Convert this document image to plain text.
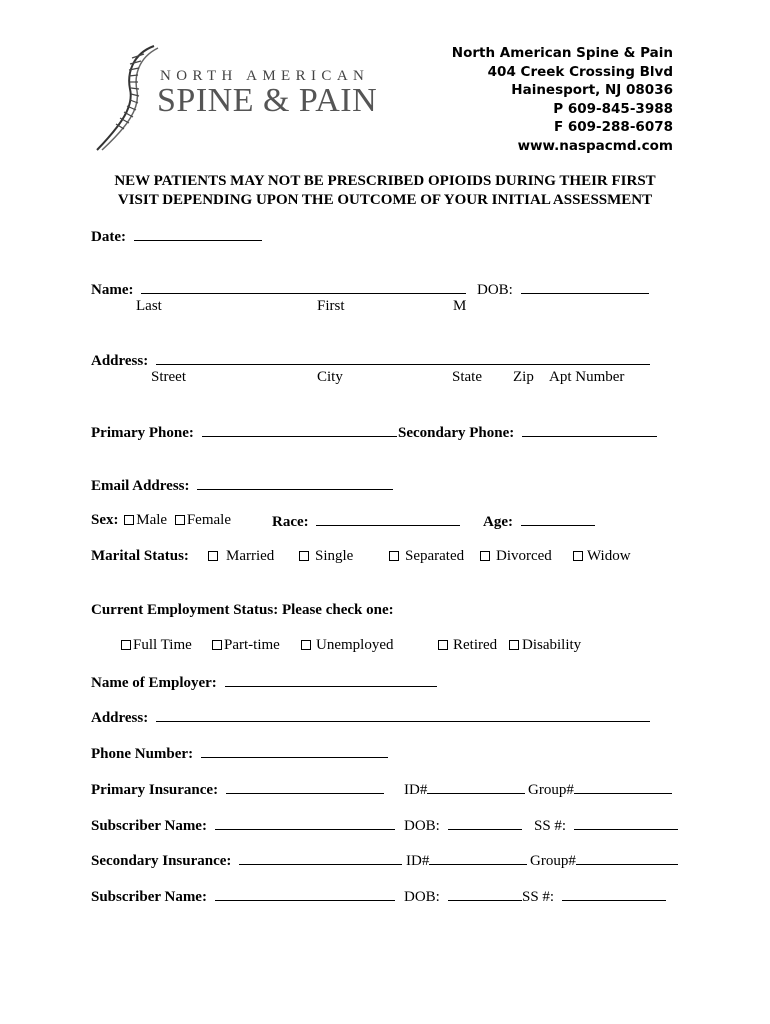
NORTH AMERICAN
SPINE & PAIN
North American Spine & Pain
404 Creek Crossing Blvd
Hainesport, NJ 08036
P 609-845-3988
F 609-288-6078
www.naspacmd.com
NEW PATIENTS MAY NOT BE PRESCRIBED OPIOIDS DURING THEIR FIRST
VISIT DEPENDING UPON THE OUTCOME OF YOUR INITIAL ASSESSMENT
Date:
Name:	DOB:
Last	First	M
Address:
Street	City	State Zip Apt Number
Primary Phone:	Secondary Phone:
Email Address:
Sex: Male Female	Race:	Age:
Marital Status:	Married	Single	Separated	Divorced	Widow
Current Employment Status: Please check one:
Full Time	Part-time	Unemployed	Retired	Disability
Name of Employer:
Address:
Phone Number:
Primary Insurance:	ID#	Group#
Subscriber Name:	DOB:	SS #:
Secondary Insurance:	ID#	Group#
Subscriber Name:	DOB:	SS #:
